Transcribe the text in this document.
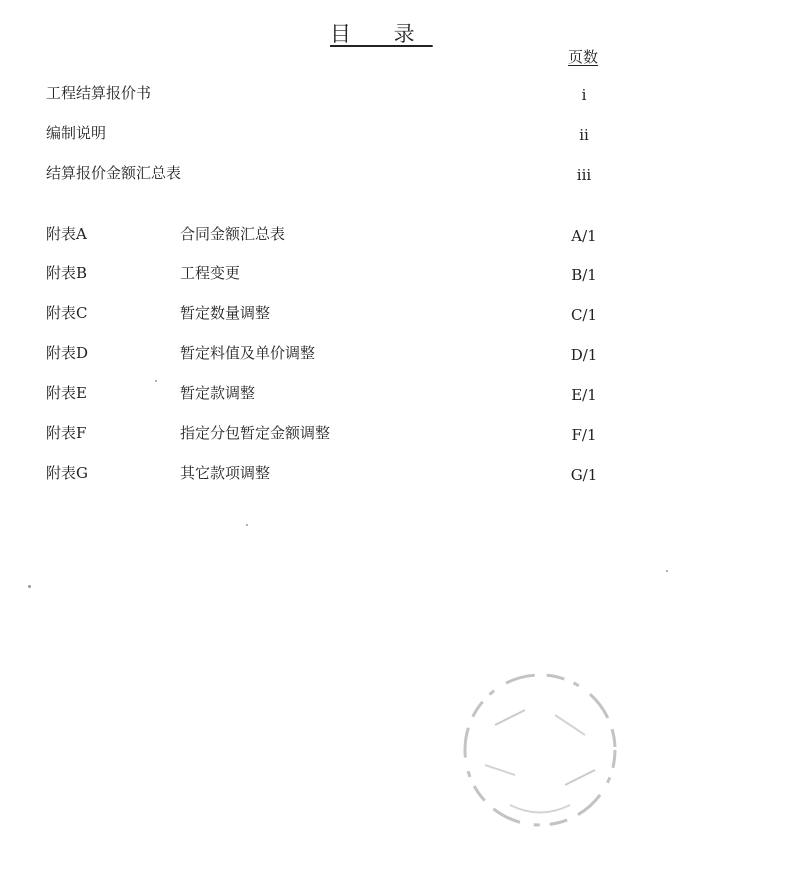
目 录
页数
工程结算报价书	i
编制说明	ii
结算报价金额汇总表	iii
附表A	合同金额汇总表	A/1
附表B	工程变更	B/1
附表C	暂定数量调整	C/1
附表D	暂定料值及单价调整	D/1
附表E	暂定款调整	E/1
附表F	指定分包暂定金额调整	F/1
附表G	其它款项调整	G/1
